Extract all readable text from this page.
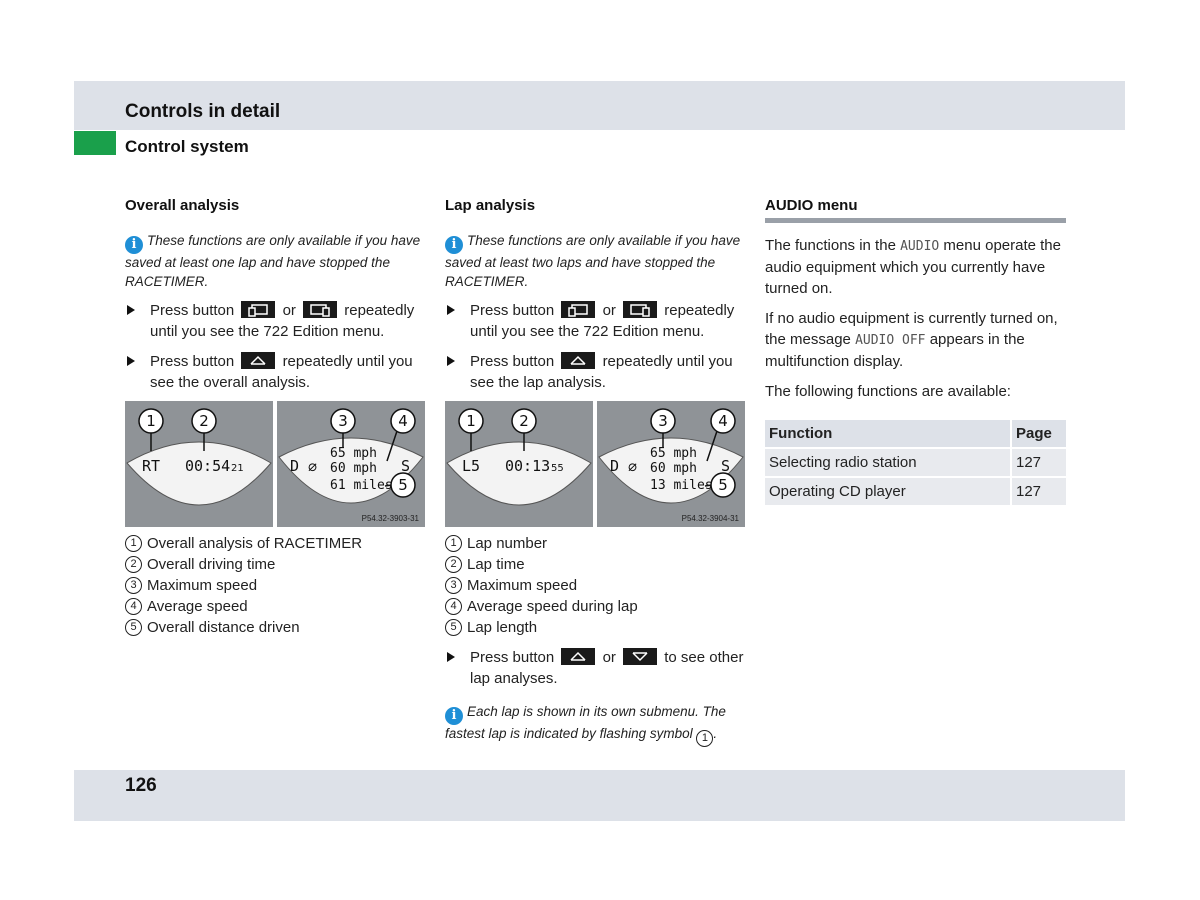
Controls in detail
Control system
Overall analysis
i These functions are only available if you have saved at least one lap and have stopped the RACETIMER.
Press button	or	repeatedly until you see the 722 Edition menu.
Press button	repeatedly until you see the overall analysis.
1	2	3	4
5
RT 00:54 21	D ⌀
65 mph
60 mph
61 miles
S
P54.32-3903-31
1 Overall analysis of RACETIMER
2 Overall driving time
3 Maximum speed
4 Average speed
5 Overall distance driven
Lap analysis
i These functions are only available if you have saved at least two laps and have stopped the RACETIMER.
Press button	or	repeatedly until you see the 722 Edition menu.
Press button	repeatedly until you see the lap analysis.
1	2	3	4
5
L5 00:13 55	D ⌀
65 mph
60 mph
13 miles
S
P54.32-3904-31
1 Lap number
2 Lap time
3 Maximum speed
4 Average speed during lap
5 Lap length
Press button	or	to see other lap analyses.
i Each lap is shown in its own submenu. The fastest lap is indicated by flashing symbol 1 .
AUDIO menu
The functions in the AUDIO menu operate the audio equipment which you currently have turned on.
If no audio equipment is currently turned on, the message AUDIO OFF appears in the multifunction display.
The following functions are available:
Function	Page
Selecting radio station	127
Operating CD player	127
126
